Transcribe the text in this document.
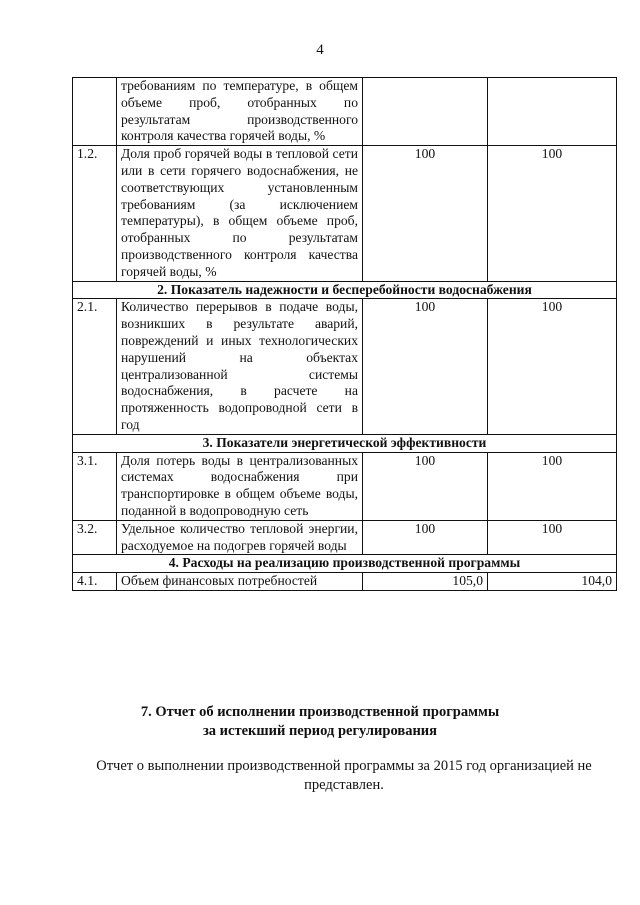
4
	требованиям по температуре, в общем объеме проб, отобранных по результатам производственного контроля качества горячей воды, %		
1.2.	Доля проб горячей воды в тепловой сети или в сети горячего водоснабжения, не соответствующих установленным требованиям (за исключением температуры), в общем объеме проб, отобранных по результатам производственного контроля качества горячей воды, %	100	100
2. Показатель надежности и бесперебойности водоснабжения			
2.1.	Количество перерывов в подаче воды, возникших в результате аварий, повреждений и иных технологических нарушений на объектах централизованной системы водоснабжения, в расчете на протяженность водопроводной сети в год	100	100
3. Показатели энергетической эффективности			
3.1.	Доля потерь воды в централизованных системах водоснабжения при транспортировке в общем объеме воды, поданной в водопроводную сеть	100	100
3.2.	Удельное количество тепловой энергии, расходуемое на подогрев горячей воды	100	100
4. Расходы на реализацию производственной программы			
4.1.	Объем финансовых потребностей	105,0	104,0
7. Отчет об исполнении производственной программы
за истекший период регулирования
Отчет о выполнении производственной программы за 2015 год организацией не представлен.
